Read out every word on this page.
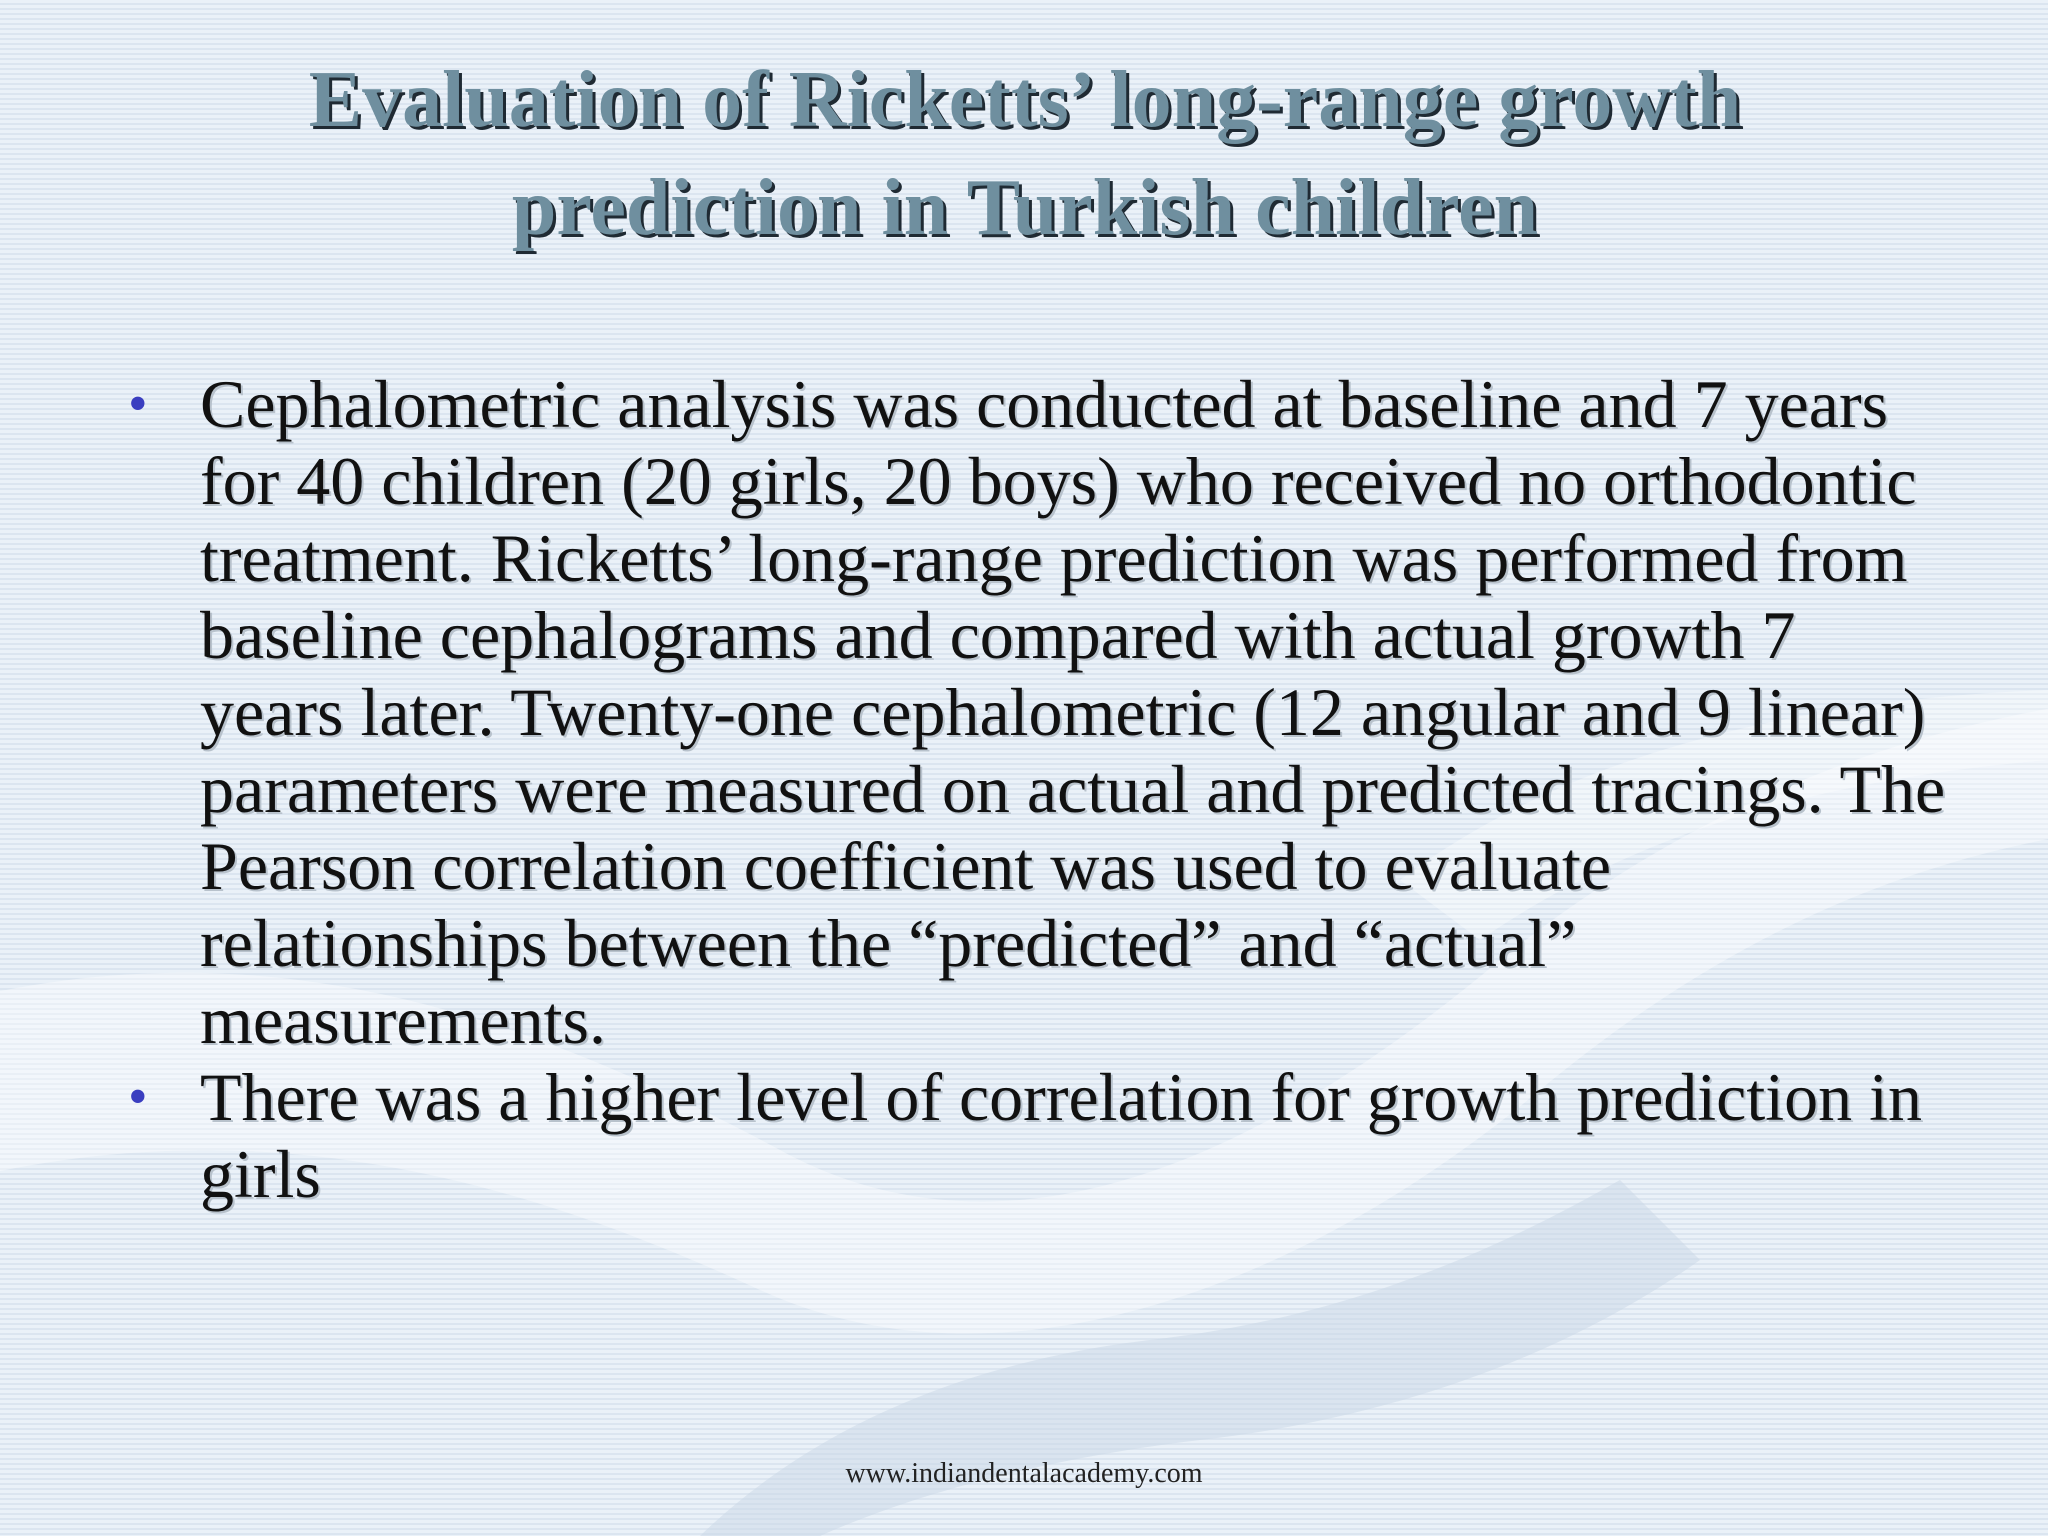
Evaluation of Ricketts’ long-range growth
prediction in Turkish children
• Cephalometric analysis was conducted at baseline and 7 years for 40 children (20 girls, 20 boys) who received no orthodontic treatment. Ricketts’ long-range prediction was performed from baseline cephalograms and compared with actual growth 7 years later. Twenty-one cephalometric (12 angular and 9 linear) parameters were measured on actual and predicted tracings. The Pearson correlation coefficient was used to evaluate relationships between the “predicted” and “actual” measurements.
• There was a higher level of correlation for growth prediction in girls
www.indiandentalacademy.com
